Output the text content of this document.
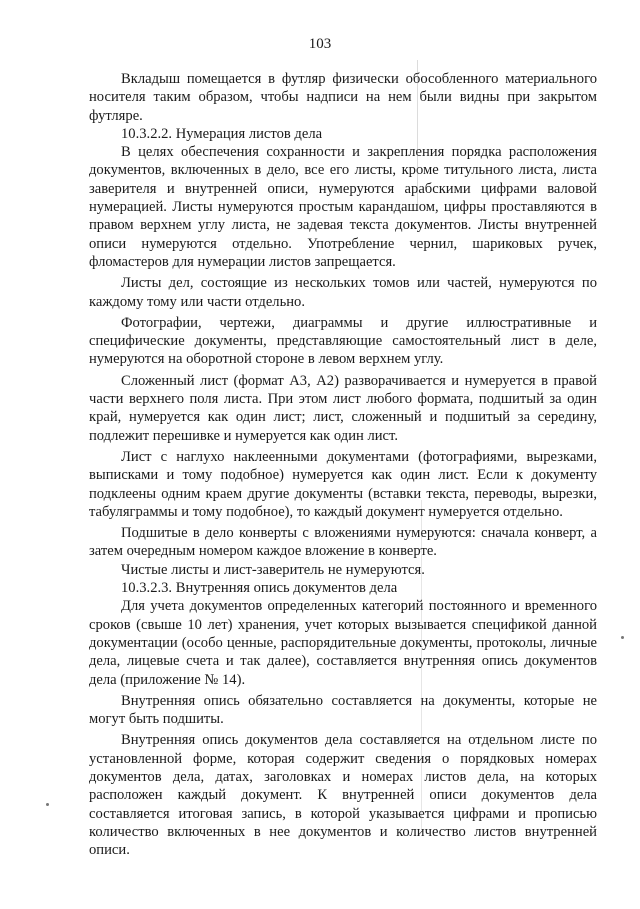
103

Вкладыш помещается в футляр физически обособленного материального носителя таким образом, чтобы надписи на нем были видны при закрытом футляре.

10.3.2.2. Нумерация листов дела

В целях обеспечения сохранности и закрепления порядка расположения документов, включенных в дело, все его листы, кроме титульного листа, листа заверителя и внутренней описи, нумеруются арабскими цифрами валовой нумерацией. Листы нумеруются простым карандашом, цифры проставляются в правом верхнем углу листа, не задевая текста документов. Листы внутренней описи нумеруются отдельно. Употребление чернил, шариковых ручек, фломастеров для нумерации листов запрещается.

Листы дел, состоящие из нескольких томов или частей, нумеруются по каждому тому или части отдельно.

Фотографии, чертежи, диаграммы и другие иллюстративные и специфические документы, представляющие самостоятельный лист в деле, нумеруются на оборотной стороне в левом верхнем углу.

Сложенный лист (формат А3, А2) разворачивается и нумеруется в правой части верхнего поля листа. При этом лист любого формата, подшитый за один край, нумеруется как один лист; лист, сложенный и подшитый за середину, подлежит перешивке и нумеруется как один лист.

Лист с наглухо наклеенными документами (фотографиями, вырезками, выписками и тому подобное) нумеруется как один лист. Если к документу подклеены одним краем другие документы (вставки текста, переводы, вырезки, табуляграммы и тому подобное), то каждый документ нумеруется отдельно.

Подшитые в дело конверты с вложениями нумеруются: сначала конверт, а затем очередным номером каждое вложение в конверте.

Чистые листы и лист-заверитель не нумеруются.

10.3.2.3. Внутренняя опись документов дела

Для учета документов определенных категорий постоянного и временного сроков (свыше 10 лет) хранения, учет которых вызывается спецификой данной документации (особо ценные, распорядительные документы, протоколы, личные дела, лицевые счета и так далее), составляется внутренняя опись документов дела (приложение № 14).

Внутренняя опись обязательно составляется на документы, которые не могут быть подшиты.

Внутренняя опись документов дела составляется на отдельном листе по установленной форме, которая содержит сведения о порядковых номерах документов дела, датах, заголовках и номерах листов дела, на которых расположен каждый документ. К внутренней описи документов дела составляется итоговая запись, в которой указывается цифрами и прописью количество включенных в нее документов и количество листов внутренней описи.
